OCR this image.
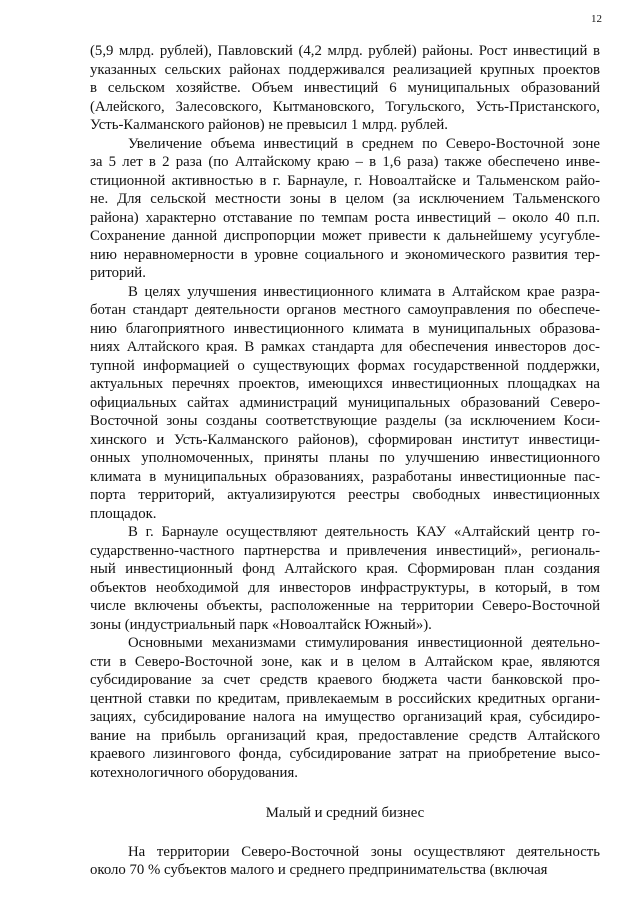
12
(5,9 млрд. рублей), Павловский (4,2 млрд. рублей) районы. Рост инвестиций в
указанных сельских районах поддерживался реализацией крупных проектов
в сельском хозяйстве. Объем инвестиций 6 муниципальных образований
(Алейского, Залесовского, Кытмановского, Тогульского, Усть-Пристанского,
Усть-Калманского районов) не превысил 1 млрд. рублей.
Увеличение объема инвестиций в среднем по Северо-Восточной зоне
за 5 лет в 2 раза (по Алтайскому краю – в 1,6 раза) также обеспечено инве-
стиционной активностью в г. Барнауле, г. Новоалтайске и Тальменском райо-
не. Для сельской местности зоны в целом (за исключением Тальменского
района) характерно отставание по темпам роста инвестиций – около 40 п.п.
Сохранение данной диспропорции может привести к дальнейшему усугубле-
нию неравномерности в уровне социального и экономического развития тер-
риторий.
В целях улучшения инвестиционного климата в Алтайском крае разра-
ботан стандарт деятельности органов местного самоуправления по обеспече-
нию благоприятного инвестиционного климата в муниципальных образова-
ниях Алтайского края. В рамках стандарта для обеспечения инвесторов дос-
тупной информацией о существующих формах государственной поддержки,
актуальных перечнях проектов, имеющихся инвестиционных площадках на
официальных сайтах администраций муниципальных образований Северо-
Восточной зоны созданы соответствующие разделы (за исключением Коси-
хинского и Усть-Калманского районов), сформирован институт инвестици-
онных уполномоченных, приняты планы по улучшению инвестиционного
климата в муниципальных образованиях, разработаны инвестиционные пас-
порта территорий, актуализируются реестры свободных инвестиционных
площадок.
В г. Барнауле осуществляют деятельность КАУ «Алтайский центр го-
сударственно-частного партнерства и привлечения инвестиций», региональ-
ный инвестиционный фонд Алтайского края. Сформирован план создания
объектов необходимой для инвесторов инфраструктуры, в который, в том
числе включены объекты, расположенные на территории Северо-Восточной
зоны (индустриальный парк «Новоалтайск Южный»).
Основными механизмами стимулирования инвестиционной деятельно-
сти в Северо-Восточной зоне, как и в целом в Алтайском крае, являются
субсидирование за счет средств краевого бюджета части банковской про-
центной ставки по кредитам, привлекаемым в российских кредитных органи-
зациях, субсидирование налога на имущество организаций края, субсидиро-
вание на прибыль организаций края, предоставление средств Алтайского
краевого лизингового фонда, субсидирование затрат на приобретение высо-
котехнологичного оборудования.
Малый и средний бизнес
На территории Северо-Восточной зоны осуществляют деятельность
около 70 % субъектов малого и среднего предпринимательства (включая
